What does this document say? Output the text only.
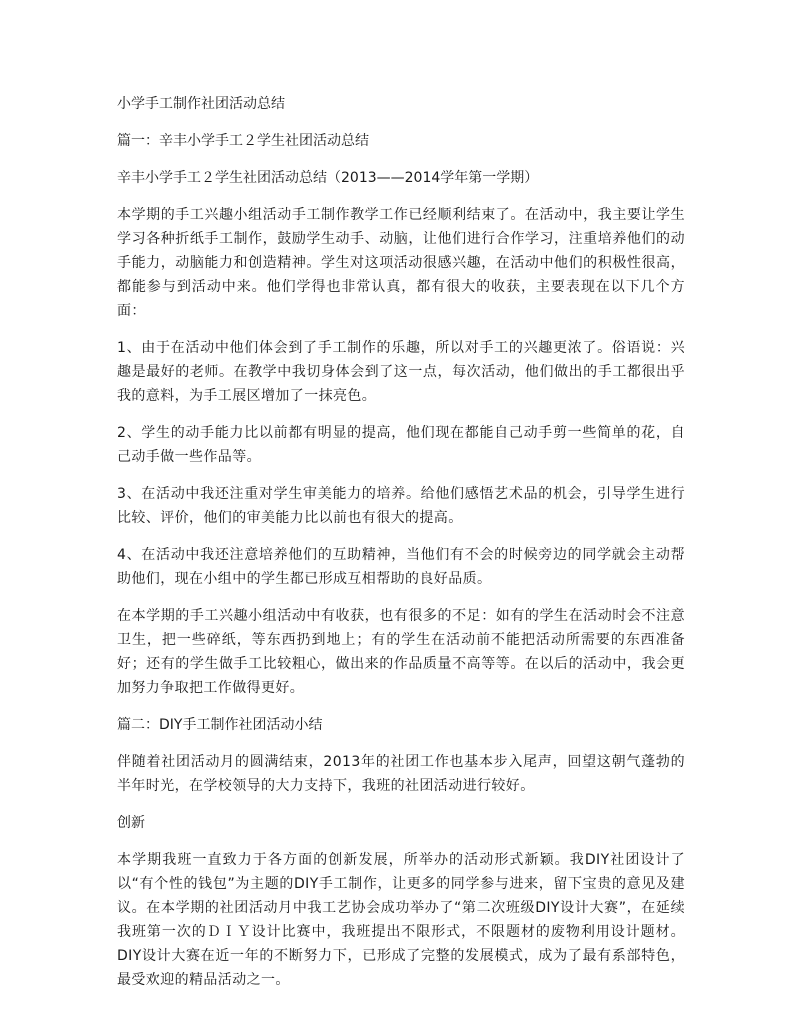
小学手工制作社团活动总结

篇一：辛丰小学手工２学生社团活动总结

辛丰小学手工２学生社团活动总结（2013——2014学年第一学期）

本学期的手工兴趣小组活动手工制作教学工作已经顺利结束了。在活动中，我主要让学生学习各种折纸手工制作，鼓励学生动手、动脑，让他们进行合作学习，注重培养他们的动手能力，动脑能力和创造精神。学生对这项活动很感兴趣，在活动中他们的积极性很高，都能参与到活动中来。他们学得也非常认真，都有很大的收获，主要表现在以下几个方面：

1、由于在活动中他们体会到了手工制作的乐趣，所以对手工的兴趣更浓了。俗语说：兴趣是最好的老师。在教学中我切身体会到了这一点，每次活动，他们做出的手工都很出乎我的意料，为手工展区增加了一抹亮色。

2、学生的动手能力比以前都有明显的提高，他们现在都能自己动手剪一些简单的花，自己动手做一些作品等。

3、在活动中我还注重对学生审美能力的培养。给他们感悟艺术品的机会，引导学生进行比较、评价，他们的审美能力比以前也有很大的提高。

4、在活动中我还注意培养他们的互助精神，当他们有不会的时候旁边的同学就会主动帮助他们，现在小组中的学生都已形成互相帮助的良好品质。

在本学期的手工兴趣小组活动中有收获，也有很多的不足：如有的学生在活动时会不注意卫生，把一些碎纸，等东西扔到地上；有的学生在活动前不能把活动所需要的东西准备好；还有的学生做手工比较粗心，做出来的作品质量不高等等。在以后的活动中，我会更加努力争取把工作做得更好。

篇二：DIY手工制作社团活动小结

伴随着社团活动月的圆满结束，2013年的社团工作也基本步入尾声，回望这朝气蓬勃的半年时光，在学校领导的大力支持下，我班的社团活动进行较好。

创新

本学期我班一直致力于各方面的创新发展，所举办的活动形式新颖。我DIY社团设计了以“有个性的钱包”为主题的DIY手工制作，让更多的同学参与进来，留下宝贵的意见及建议。在本学期的社团活动月中我工艺协会成功举办了“第二次班级DIY设计大赛”，在延续我班第一次的ＤＩＹ设计比赛中，我班提出不限形式，不限题材的废物利用设计题材。DIY设计大赛在近一年的不断努力下，已形成了完整的发展模式，成为了最有系部特色，最受欢迎的精品活动之一。
